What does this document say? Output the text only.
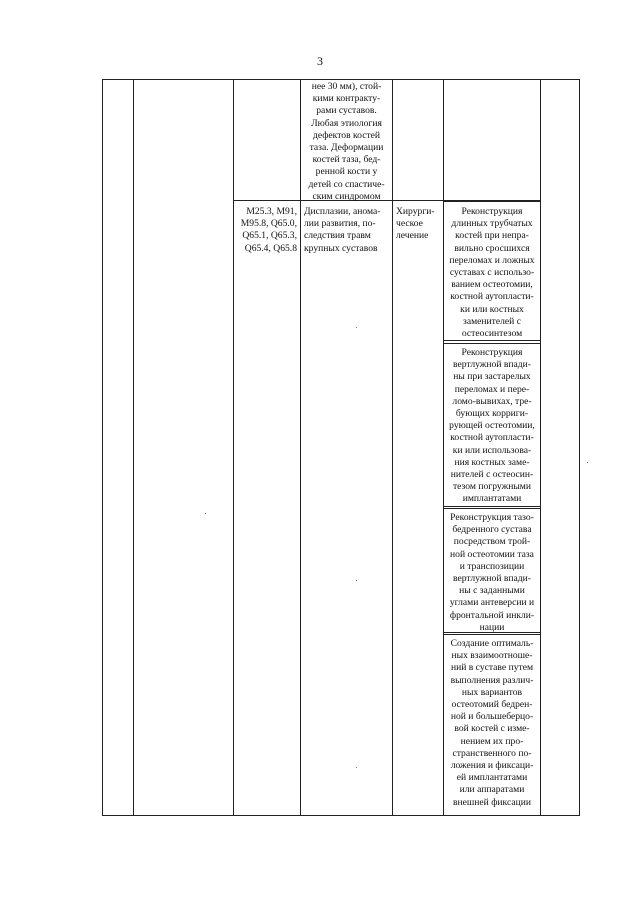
3
нее 30 мм), стой-
кими контракту-
рами суставов.
Любая этиология
дефектов костей
таза. Деформации
костей таза, бед-
ренной кости у
детей со спастиче-
ским синдромом
M25.3, M91,
M95.8, Q65.0,
Q65.1, Q65.3,
Q65.4, Q65.8
Дисплазии, анома-
лии развития, по-
следствия травм
крупных суставов
Хирурги-
ческое
лечение
Реконструкция
длинных трубчатых
костей при непра-
вильно сросшихся
переломах и ложных
суставах с использо-
ванием остеотомии,
костной аутопласти-
ки или костных
заменителей с
остеосинтезом
Реконструкция
вертлужной впади-
ны при застарелых
переломах и пере-
ломо-вывихах, тре-
бующих корриги-
рующей остеотомии,
костной аутопласти-
ки или использова-
ния костных заме-
нителей с остеосин-
тезом погружными
имплантатами
Реконструкция тазо-
бедренного сустава
посредством трой-
ной остеотомии таза
и транспозиции
вертлужной впади-
ны с заданными
углами антеверсии и
фронтальной инкли-
нации
Создание оптималь-
ных взаимоотноше-
ний в суставе путем
выполнения различ-
ных вариантов
остеотомий бедрен-
ной и большеберцо-
вой костей с изме-
нением их про-
странственного по-
ложения и фиксаци-
ей имплантатами
или аппаратами
внешней фиксации
